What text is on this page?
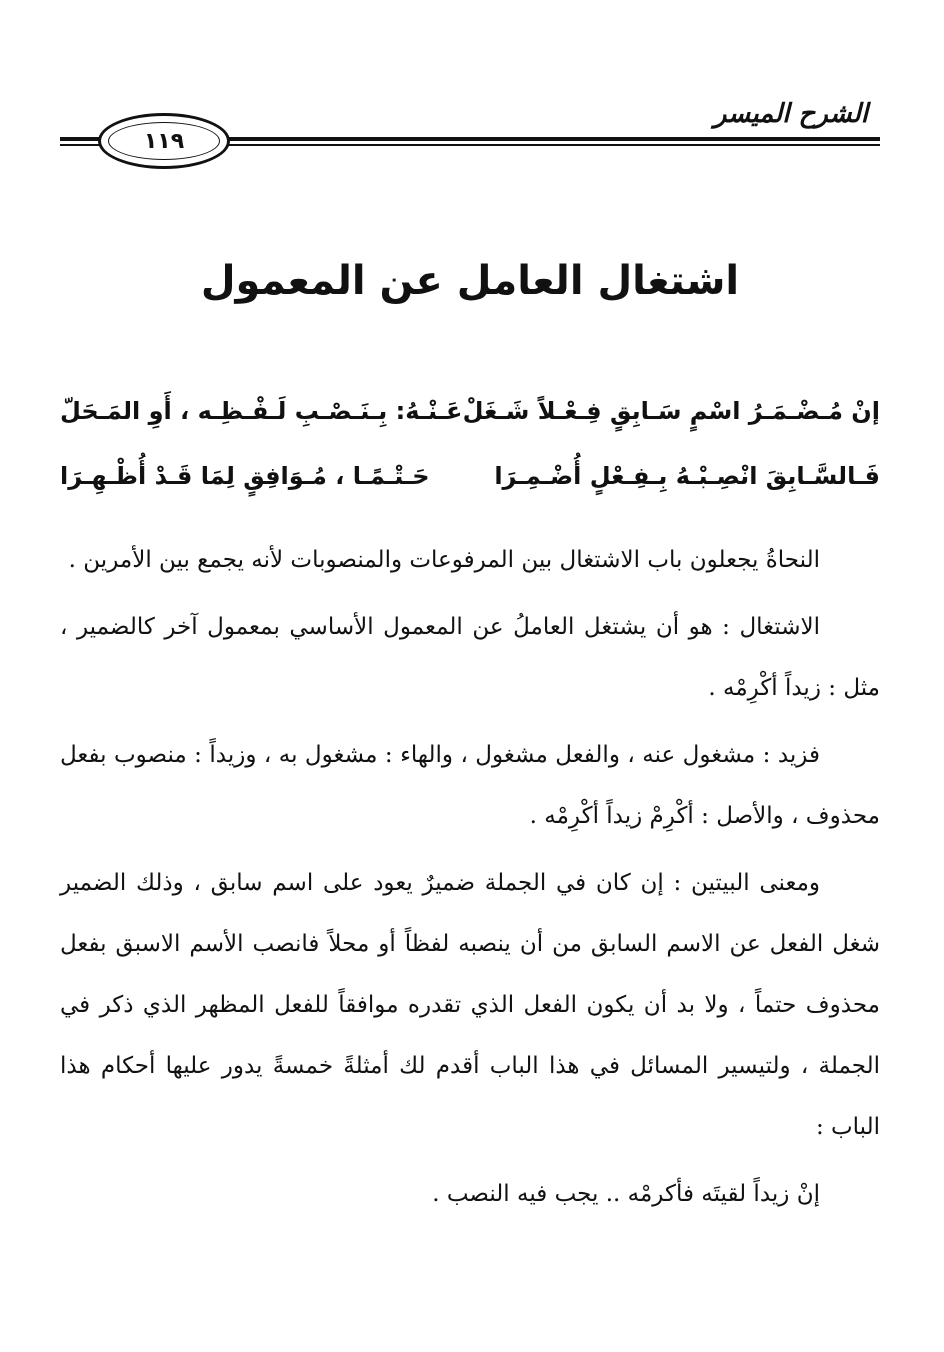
الشرح الميسر
١١٩
اشتغال العامل عن المعمول
إنْ مُـضْـمَـرُ اسْمٍ سَـابِقٍ فِـعْـلاً شَـغَلْ
عَـنْـهُ: بِـنَـصْـبِ لَـفْـظِـه ، أَوِ المَـحَلّ
فَـالسَّـابِقَ انْصِـبْـهُ بِـفِـعْلٍ أُضْـمِـرَا
حَـتْـمًـا ، مُـوَافِقٍ لِمَا قَـدْ أُظْـهِـرَا

النحاةُ يجعلون باب الاشتغال بين المرفوعات والمنصوبات لأنه يجمع بين الأمرين .

الاشتغال : هو أن يشتغل العاملُ عن المعمول الأساسي بمعمول آخر كالضمير ، مثل : زيداً أكْرِمْه .

فزيد : مشغول عنه ، والفعل مشغول ، والهاء : مشغول به ، وزيداً : منصوب بفعل محذوف ، والأصل : أكْرِمْ زيداً أكْرِمْه .

ومعنى البيتين : إن كان في الجملة ضميرٌ يعود على اسم سابق ، وذلك الضمير شغل الفعل عن الاسم السابق من أن ينصبه لفظاً أو محلاً فانصب الأسم الاسبق بفعل محذوف حتماً ، ولا بد أن يكون الفعل الذي تقدره موافقاً للفعل المظهر الذي ذكر في الجملة ، ولتيسير المسائل في هذا الباب أقدم لك أمثلةً خمسةً يدور عليها أحكام هذا الباب :

إنْ زيداً لقيتَه فأكرمْه .. يجب فيه النصب .
